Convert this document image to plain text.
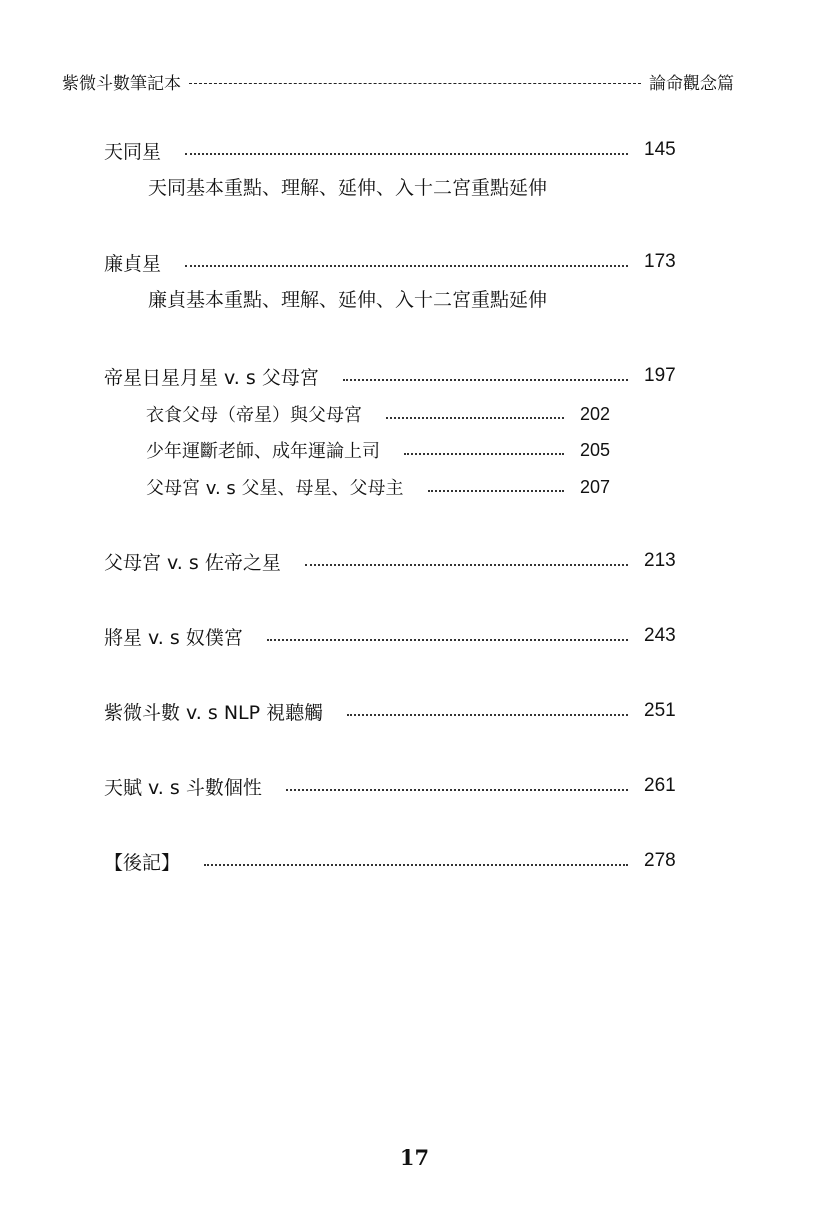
紫微斗數筆記本	論命觀念篇
天同星	145
天同基本重點、理解、延伸、入十二宮重點延伸
廉貞星	173
廉貞基本重點、理解、延伸、入十二宮重點延伸
帝星日星月星 v. s 父母宮	197
衣食父母（帝星）與父母宮	202
少年運斷老師、成年運論上司	205
父母宮 v. s 父星、母星、父母主	207
父母宮 v. s 佐帝之星	213
將星 v. s 奴僕宮	243
紫微斗數 v. s NLP 視聽觸	251
天賦 v. s 斗數個性	261
【後記】	278
17
